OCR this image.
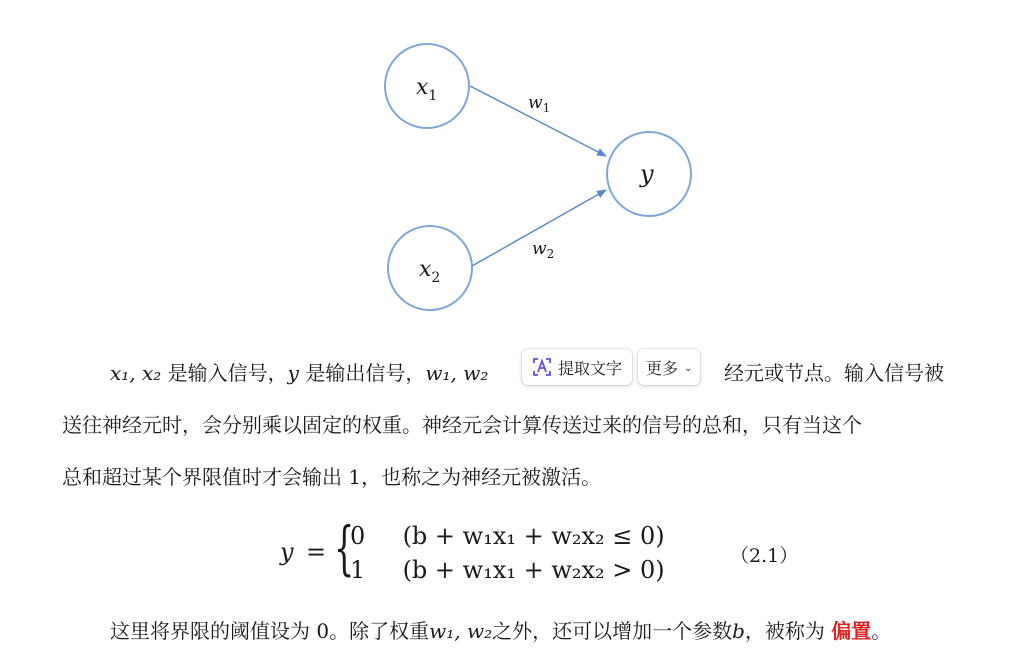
$x_1$
$x_2$
y
$w_1$
$w_2$
x₁, x₂ 是输入信号，y 是输出信号，w₁, w₂	经元或节点。输入信号被
提取文字 更多 ⌄
送往神经元时，会分别乘以固定的权重。神经元会计算传送过来的信号的总和，只有当这个
总和超过某个界限值时才会输出 1，也称之为神经元被激活。
y = {
0 (b + w₁x₁ + w₂x₂ ≤ 0)
1 (b + w₁x₁ + w₂x₂ > 0)	（2.1）
这里将界限的阈值设为 0。除了权重w₁, w₂之外，还可以增加一个参数b，被称为 偏置。
